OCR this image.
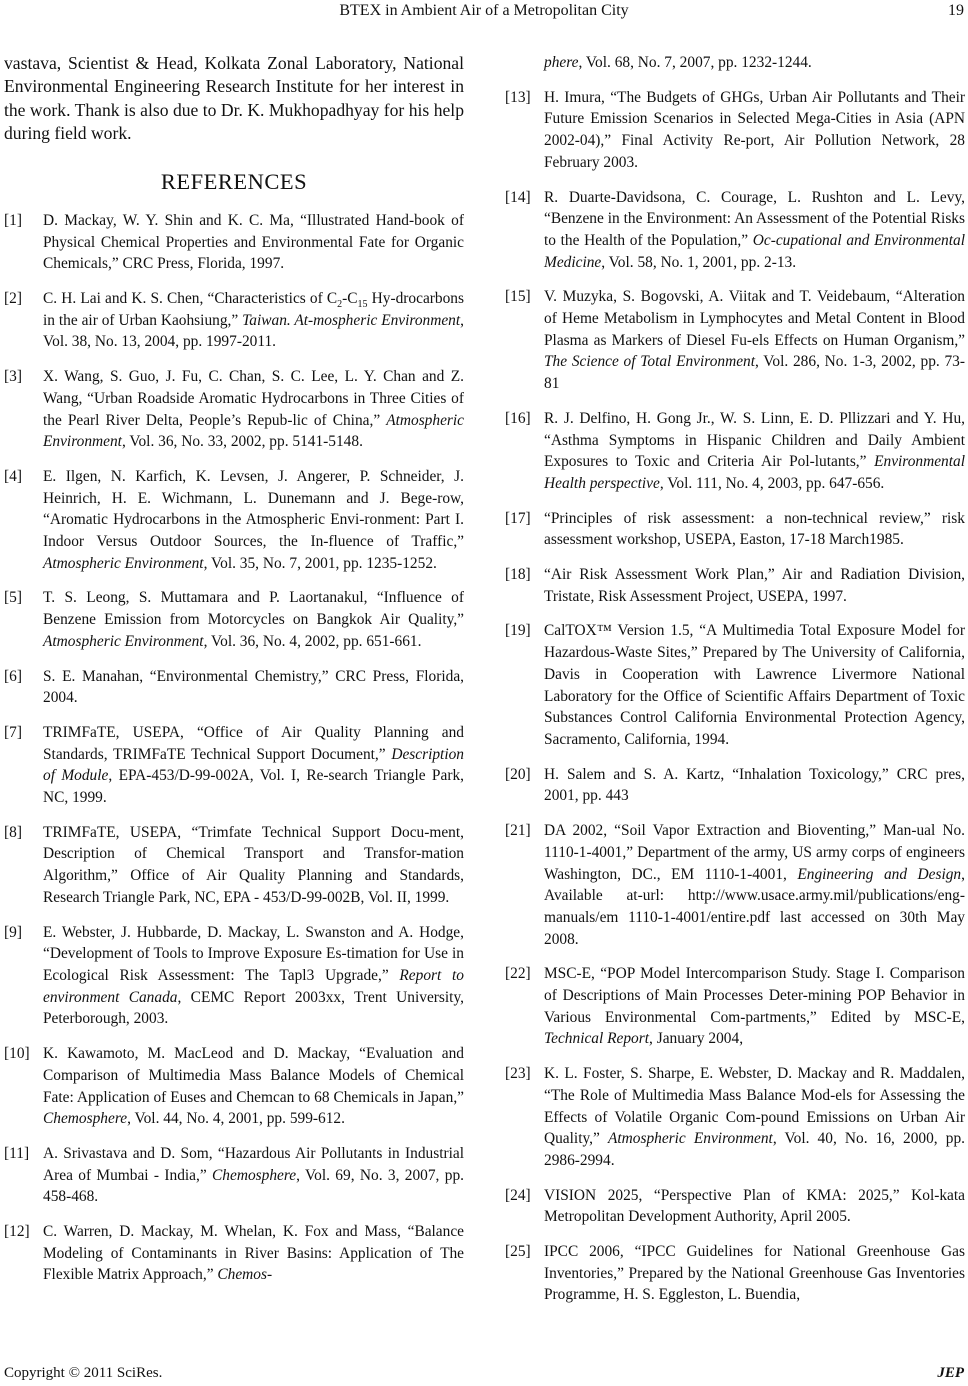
BTEX in Ambient Air of a Metropolitan City	19

vastava, Scientist & Head, Kolkata Zonal Laboratory, National Environmental Engineering Research Institute for her interest in the work. Thank is also due to Dr. K. Mukhopadhyay for his help during field work.

REFERENCES
[1]	D. Mackay, W. Y. Shin and K. C. Ma, “Illustrated Hand-book of Physical Chemical Properties and Environmental Fate for Organic Chemicals,” CRC Press, Florida, 1997.
[2]	C. H. Lai and K. S. Chen, “Characteristics of $C_2-C_{15}$ Hy-drocarbons in the air of Urban Kaohsiung,” Taiwan. At-mospheric Environment, Vol. 38, No. 13, 2004, pp. 1997-2011.
[3]	X. Wang, S. Guo, J. Fu, C. Chan, S. C. Lee, L. Y. Chan and Z. Wang, “Urban Roadside Aromatic Hydrocarbons in Three Cities of the Pearl River Delta, People’s Repub-lic of China,” Atmospheric Environment, Vol. 36, No. 33, 2002, pp. 5141-5148.
[4]	E. Ilgen, N. Karfich, K. Levsen, J. Angerer, P. Schneider, J. Heinrich, H. E. Wichmann, L. Dunemann and J. Bege-row, “Aromatic Hydrocarbons in the Atmospheric Envi-ronment: Part I. Indoor Versus Outdoor Sources, the In-fluence of Traffic,” Atmospheric Environment, Vol. 35, No. 7, 2001, pp. 1235-1252.
[5]	T. S. Leong, S. Muttamara and P. Laortanakul, “Influence of Benzene Emission from Motorcycles on Bangkok Air Quality,” Atmospheric Environment, Vol. 36, No. 4, 2002, pp. 651-661.
[6]	S. E. Manahan, “Environmental Chemistry,” CRC Press, Florida, 2004.
[7]	TRIMFaTE, USEPA, “Office of Air Quality Planning and Standards, TRIMFaTE Technical Support Document,” Description of Module, EPA-453/D-99-002A, Vol. I, Re-search Triangle Park, NC, 1999.
[8]	TRIMFaTE, USEPA, “Trimfate Technical Support Docu-ment, Description of Chemical Transport and Transfor-mation Algorithm,” Office of Air Quality Planning and Standards, Research Triangle Park, NC, EPA - 453/D-99-002B, Vol. II, 1999.
[9]	E. Webster, J. Hubbarde, D. Mackay, L. Swanston and A. Hodge, “Development of Tools to Improve Exposure Es-timation for Use in Ecological Risk Assessment: The Tapl3 Upgrade,” Report to environment Canada, CEMC Report 2003xx, Trent University, Peterborough, 2003.
[10] K. Kawamoto, M. MacLeod and D. Mackay, “Evaluation and Comparison of Multimedia Mass Balance Models of Chemical Fate: Application of Euses and Chemcan to 68 Chemicals in Japan,” Chemosphere, Vol. 44, No. 4, 2001, pp. 599-612.
[11] A. Srivastava and D. Som, “Hazardous Air Pollutants in Industrial Area of Mumbai - India,” Chemosphere, Vol. 69, No. 3, 2007, pp. 458-468.
[12] C. Warren, D. Mackay, M. Whelan, K. Fox and Mass, “Balance Modeling of Contaminants in River Basins: Application of The Flexible Matrix Approach,” Chemos-
phere, Vol. 68, No. 7, 2007, pp. 1232-1244.
[13] H. Imura, “The Budgets of GHGs, Urban Air Pollutants and Their Future Emission Scenarios in Selected Mega-Cities in Asia (APN 2002-04),” Final Activity Re-port, Air Pollution Network, 28 February 2003.
[14] R. Duarte-Davidsona, C. Courage, L. Rushton and L. Levy, “Benzene in the Environment: An Assessment of the Potential Risks to the Health of the Population,” Oc-cupational and Environmental Medicine, Vol. 58, No. 1, 2001, pp. 2-13.
[15] V. Muzyka, S. Bogovski, A. Viitak and T. Veidebaum, “Alteration of Heme Metabolism in Lymphocytes and Metal Content in Blood Plasma as Markers of Diesel Fu-els Effects on Human Organism,” The Science of Total Environment, Vol. 286, No. 1-3, 2002, pp. 73-81
[16] R. J. Delfino, H. Gong Jr., W. S. Linn, E. D. Pllizzari and Y. Hu, “Asthma Symptoms in Hispanic Children and Daily Ambient Exposures to Toxic and Criteria Air Pol-lutants,” Environmental Health perspective, Vol. 111, No. 4, 2003, pp. 647-656.
[17] “Principles of risk assessment: a non-technical review,” risk assessment workshop, USEPA, Easton, 17-18 March1985.
[18] “Air Risk Assessment Work Plan,” Air and Radiation Division, Tristate, Risk Assessment Project, USEPA, 1997.
[19] CalTOX™ Version 1.5, “A Multimedia Total Exposure Model for Hazardous-Waste Sites,” Prepared by The University of California, Davis in Cooperation with Lawrence Livermore National Laboratory for the Office of Scientific Affairs Department of Toxic Substances Control California Environmental Protection Agency, Sacramento, California, 1994.
[20] H. Salem and S. A. Kartz, “Inhalation Toxicology,” CRC pres, 2001, pp. 443
[21] DA 2002, “Soil Vapor Extraction and Bioventing,” Man-ual No. 1110-1-4001,” Department of the army, US army corps of engineers Washington, DC., EM 1110-1-4001, Engineering and Design, Available at-url: http://www.usace.army.mil/publications/eng-manuals/em 1110-1-4001/entire.pdf last accessed on 30th May 2008.
[22] MSC-E, “POP Model Intercomparison Study. Stage I. Comparison of Descriptions of Main Processes Deter-mining POP Behavior in Various Environmental Com-partments,” Edited by MSC-E, Technical Report, January 2004,
[23] K. L. Foster, S. Sharpe, E. Webster, D. Mackay and R. Maddalen, “The Role of Multimedia Mass Balance Mod-els for Assessing the Effects of Volatile Organic Com-pound Emissions on Urban Air Quality,” Atmospheric Environment, Vol. 40, No. 16, 2000, pp. 2986-2994.
[24] VISION 2025, “Perspective Plan of KMA: 2025,” Kol-kata Metropolitan Development Authority, April 2005.
[25] IPCC 2006, “IPCC Guidelines for National Greenhouse Gas Inventories,” Prepared by the National Greenhouse Gas Inventories Programme, H. S. Eggleston, L. Buendia,
Copyright © 2011 SciRes.	JEP
